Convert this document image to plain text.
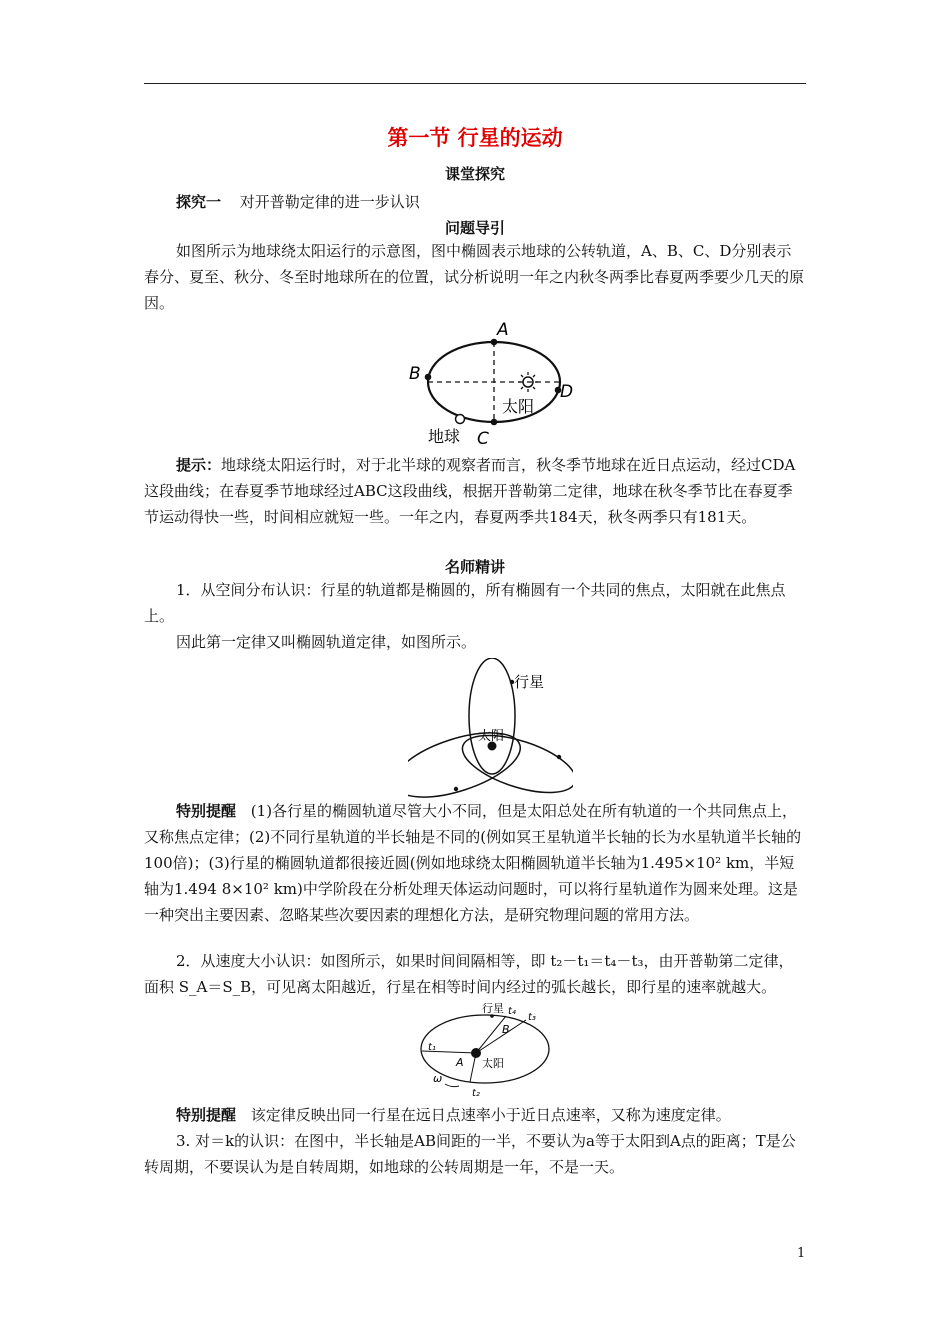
第一节 行星的运动
课堂探究
探究一 对开普勒定律的进一步认识
问题导引
如图所示为地球绕太阳运行的示意图，图中椭圆表示地球的公转轨道，A、B、C、D分别表示春分、夏至、秋分、冬至时地球所在的位置，试分析说明一年之内秋冬两季比春夏两季要少几天的原因。
A
B
C
D
太阳
地球
提示：地球绕太阳运行时，对于北半球的观察者而言，秋冬季节地球在近日点运动，经过CDA这段曲线；在春夏季节地球经过ABC这段曲线，根据开普勒第二定律，地球在秋冬季节比在春夏季节运动得快一些，时间相应就短一些。一年之内，春夏两季共184天，秋冬两季只有181天。
名师精讲
1．从空间分布认识：行星的轨道都是椭圆的，所有椭圆有一个共同的焦点，太阳就在此焦点上。
因此第一定律又叫椭圆轨道定律，如图所示。
行星
太阳
特别提醒 (1)各行星的椭圆轨道尽管大小不同，但是太阳总处在所有轨道的一个共同焦点上，又称焦点定律；(2)不同行星轨道的半长轴是不同的(例如冥王星轨道半长轴的长为水星轨道半长轴的100倍)；(3)行星的椭圆轨道都很接近圆(例如地球绕太阳椭圆轨道半长轴为1.495×10² km，半短轴为1.494 8×10² km)中学阶段在分析处理天体运动问题时，可以将行星轨道作为圆来处理。这是一种突出主要因素、忽略某些次要因素的理想化方法，是研究物理问题的常用方法。
2．从速度大小认识：如图所示，如果时间间隔相等，即 t₂－t₁＝t₄－t₃，由开普勒第二定律，面积 S_A＝S_B，可见离太阳越近，行星在相等时间内经过的弧长越长，即行星的速率就越大。
行星
太阳
A
B
t₁
t₂
t₃
t₄
ω
特别提醒 该定律反映出同一行星在远日点速率小于近日点速率，又称为速度定律。
3. 对＝k的认识：在图中，半长轴是AB间距的一半，不要认为a等于太阳到A点的距离；T是公转周期，不要误认为是自转周期，如地球的公转周期是一年，不是一天。
1
